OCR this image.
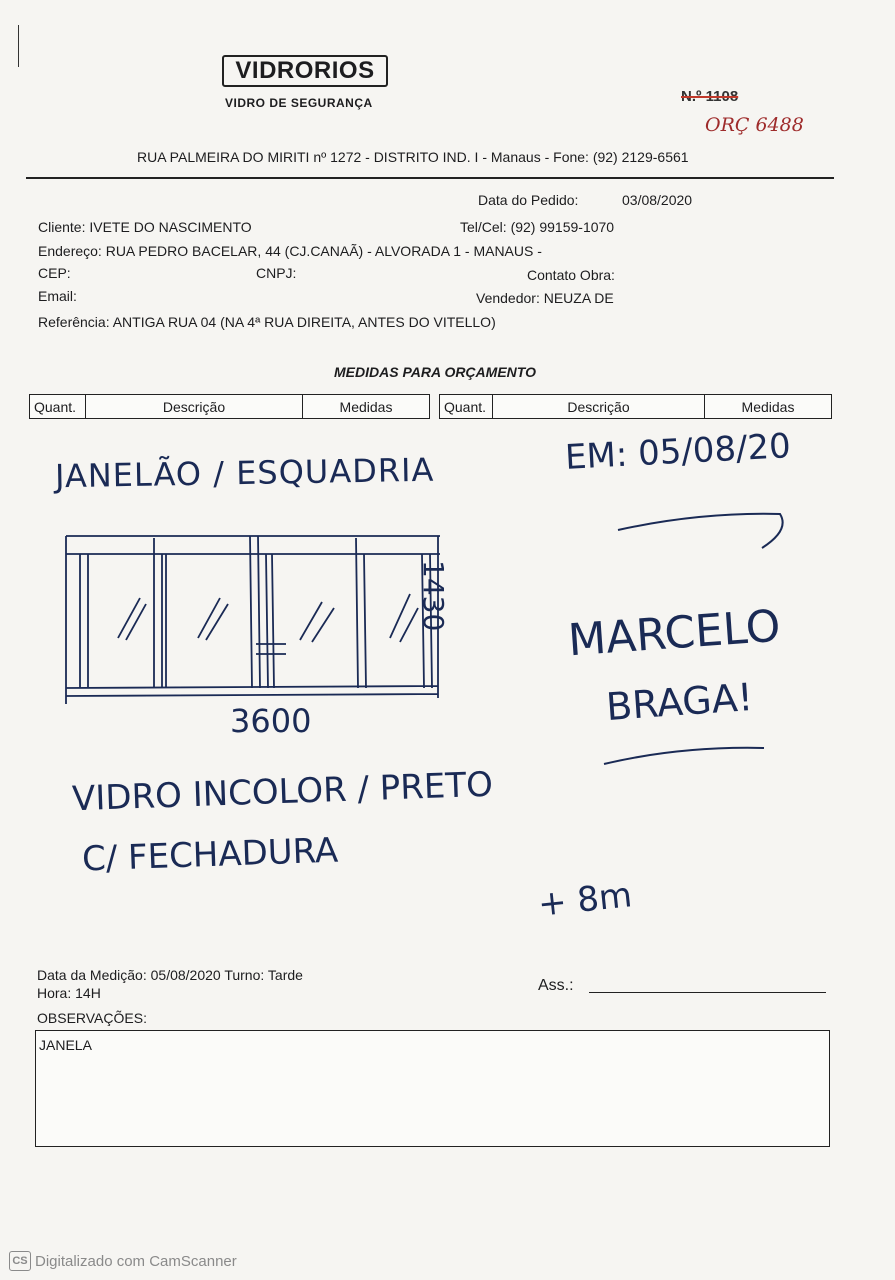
VIDRORIOS
VIDRO DE SEGURANÇA	N.º 1108
ORÇ 6488
RUA PALMEIRA DO MIRITI nº 1272 - DISTRITO IND. I - Manaus - Fone: (92) 2129-6561
Data do Pedido:	03/08/2020
Cliente: IVETE DO NASCIMENTO	Tel/Cel: (92) 99159-1070
Endereço: RUA PEDRO BACELAR, 44 (CJ.CANAÃ) - ALVORADA 1 - MANAUS -
CEP:	CNPJ:	Contato Obra:
Email:	Vendedor: NEUZA DE
Referência: ANTIGA RUA 04 (NA 4ª RUA DIREITA, ANTES DO VITELLO)
MEDIDAS PARA ORÇAMENTO
Quant.	Descrição	Medidas	Quant.	Descrição	Medidas
JANELÃO / ESQUADRIA	EM: 05/08/20
1430
3600
VIDRO INCOLOR / PRETO
C/ FECHADURA
MARCELO
BRAGA!
+ 8m
Data da Medição: 05/08/2020 Turno: Tarde
Hora: 14H	Ass.:
OBSERVAÇÕES:
JANELA
CS Digitalizado com CamScanner
